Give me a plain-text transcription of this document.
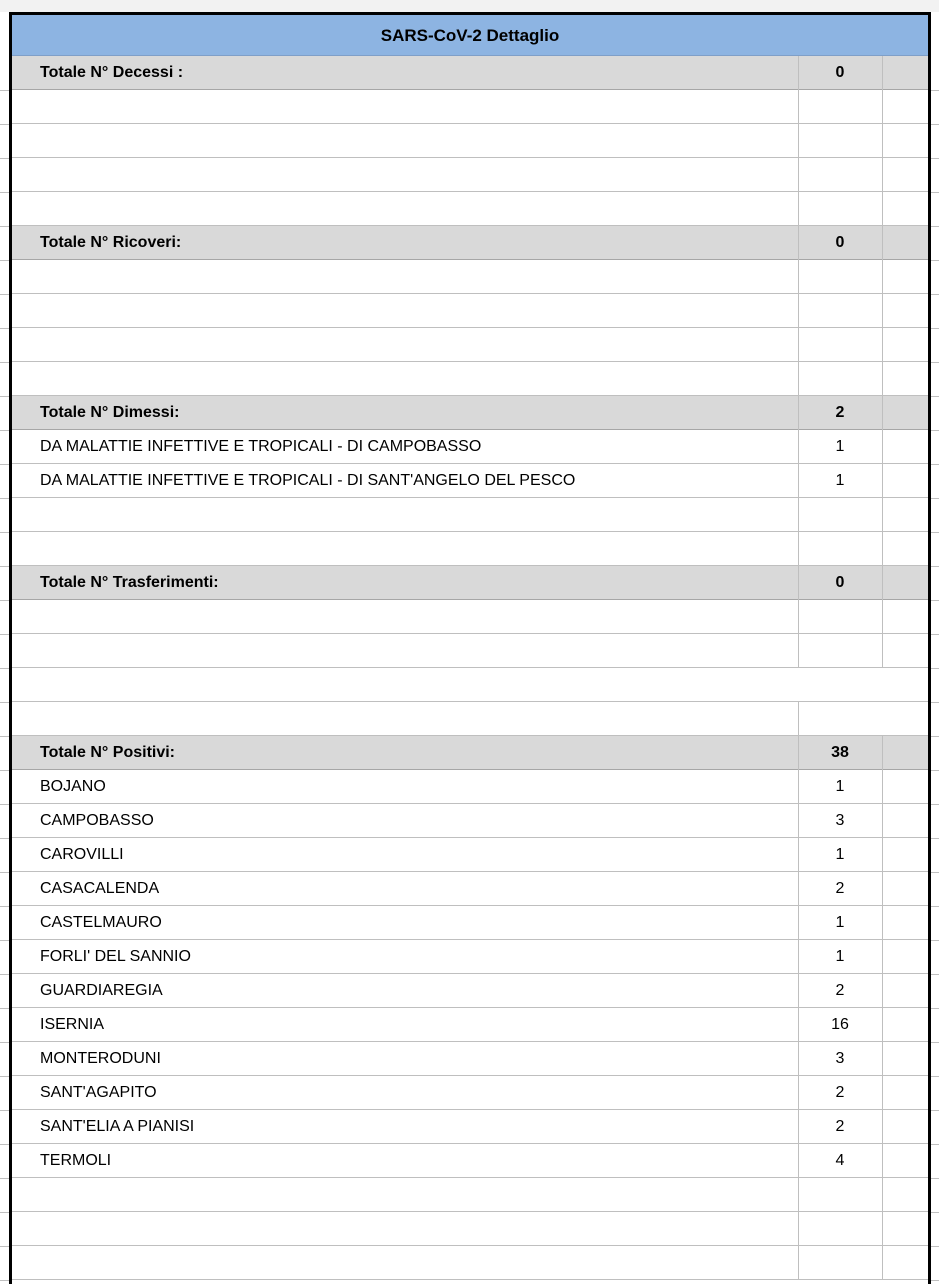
SARS-CoV-2 Dettaglio
Totale N° Decessi :	0
Totale N° Ricoveri:	0
Totale N° Dimessi:	2
DA MALATTIE INFETTIVE E TROPICALI - DI CAMPOBASSO	1
DA MALATTIE INFETTIVE E TROPICALI - DI SANT'ANGELO DEL PESCO	1
Totale N° Trasferimenti:	0
Totale N° Positivi:	38
BOJANO	1
CAMPOBASSO	3
CAROVILLI	1
CASACALENDA	2
CASTELMAURO	1
FORLI' DEL SANNIO	1
GUARDIAREGIA	2
ISERNIA	16
MONTERODUNI	3
SANT'AGAPITO	2
SANT'ELIA A PIANISI	2
TERMOLI	4
